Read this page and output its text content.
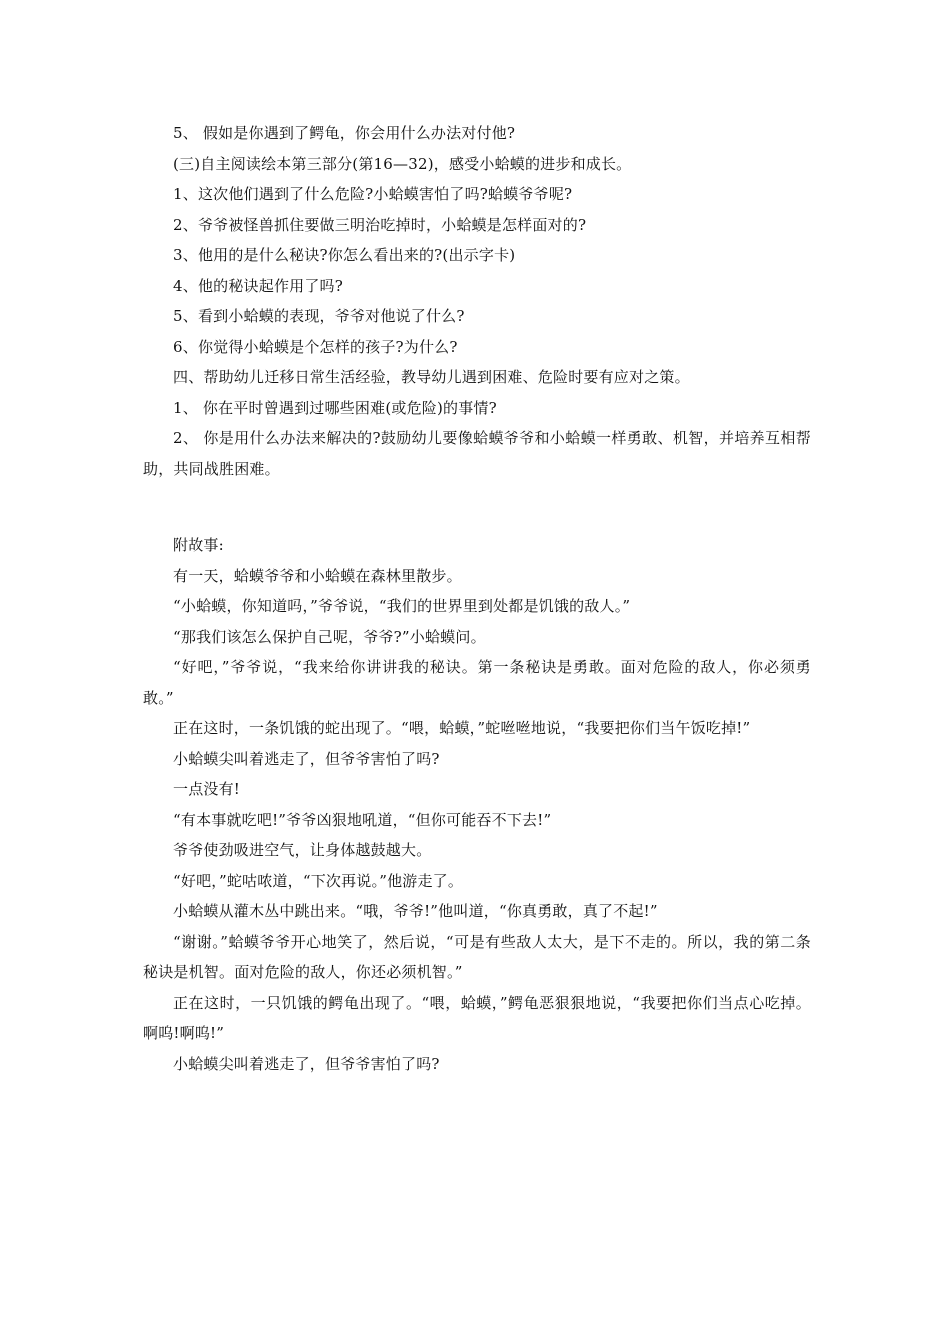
5、 假如是你遇到了鳄龟，你会用什么办法对付他?

(三)自主阅读绘本第三部分(第16—32)，感受小蛤蟆的进步和成长。

1、这次他们遇到了什么危险?小蛤蟆害怕了吗?蛤蟆爷爷呢?

2、爷爷被怪兽抓住要做三明治吃掉时，小蛤蟆是怎样面对的?

3、他用的是什么秘诀?你怎么看出来的?(出示字卡)

4、他的秘诀起作用了吗?

5、看到小蛤蟆的表现，爷爷对他说了什么?

6、你觉得小蛤蟆是个怎样的孩子?为什么?

四、帮助幼儿迁移日常生活经验，教导幼儿遇到困难、危险时要有应对之策。

1、 你在平时曾遇到过哪些困难(或危险)的事情?

2、 你是用什么办法来解决的?鼓励幼儿要像蛤蟆爷爷和小蛤蟆一样勇敢、机智，并培养互相帮助，共同战胜困难。

附故事:

有一天，蛤蟆爷爷和小蛤蟆在森林里散步。

“小蛤蟆，你知道吗，”爷爷说，“我们的世界里到处都是饥饿的敌人。”

“那我们该怎么保护自己呢，爷爷?”小蛤蟆问。

“好吧，”爷爷说，“我来给你讲讲我的秘诀。第一条秘诀是勇敢。面对危险的敌人，你必须勇敢。”

正在这时，一条饥饿的蛇出现了。“喂，蛤蟆，”蛇咝咝地说，“我要把你们当午饭吃掉!”

小蛤蟆尖叫着逃走了，但爷爷害怕了吗?

一点没有!

“有本事就吃吧!”爷爷凶狠地吼道，“但你可能吞不下去!”

爷爷使劲吸进空气，让身体越鼓越大。

“好吧，”蛇咕哝道，“下次再说。”他游走了。

小蛤蟆从灌木丛中跳出来。“哦，爷爷!”他叫道，“你真勇敢，真了不起!”

“谢谢。”蛤蟆爷爷开心地笑了，然后说，“可是有些敌人太大，是下不走的。所以，我的第二条秘诀是机智。面对危险的敌人，你还必须机智。”

正在这时，一只饥饿的鳄龟出现了。“喂，蛤蟆，”鳄龟恶狠狠地说，“我要把你们当点心吃掉。啊呜!啊呜!”

小蛤蟆尖叫着逃走了，但爷爷害怕了吗?
